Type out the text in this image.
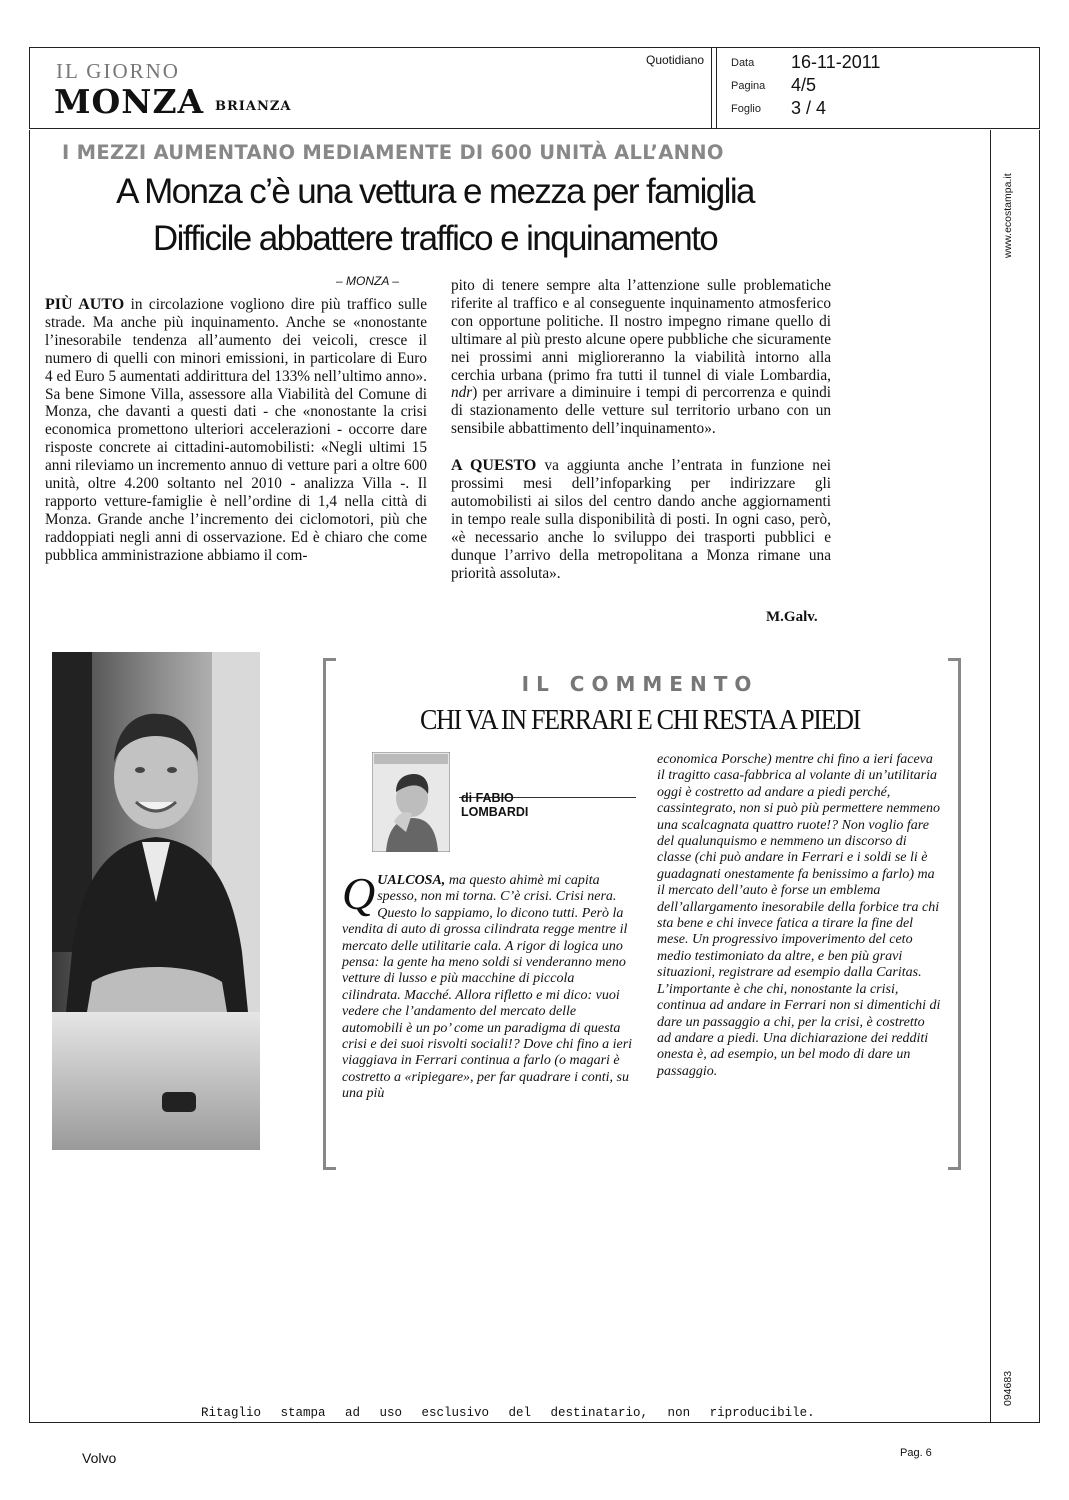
IL GIORNO
MONZA BRIANZA
Quotidiano Data	16-11-2011
Pagina	4/5
Foglio	3 / 4
I MEZZI AUMENTANO MEDIAMENTE DI 600 UNITÀ ALL’ANNO
A Monza c’è una vettura e mezza per famiglia
Difficile abbattere traffico e inquinamento
– MONZA –

PIÙ AUTO in circolazione vogliono dire più traffico sulle strade. Ma anche più inquinamento. Anche se «nonostante l’inesorabile tendenza all’aumento dei veicoli, cresce il numero di quelli con minori emissioni, in particolare di Euro 4 ed Euro 5 aumentati addirittura del 133% nell’ultimo anno». Sa bene Simone Villa, assessore alla Viabilità del Comune di Monza, che davanti a questi dati - che «nonostante la crisi economica promettono ulteriori accelerazioni - occorre dare risposte concrete ai cittadini-automobilisti: «Negli ultimi 15 anni rileviamo un incremento annuo di vetture pari a oltre 600 unità, oltre 4.200 soltanto nel 2010 - analizza Villa -. Il rapporto vetture-famiglie è nell’ordine di 1,4 nella città di Monza. Grande anche l’incremento dei ciclomotori, più che raddoppiati negli anni di osservazione. Ed è chiaro che come pubblica amministrazione abbiamo il com-

pito di tenere sempre alta l’attenzione sulle problematiche riferite al traffico e al conseguente inquinamento atmosferico con opportune politiche. Il nostro impegno rimane quello di ultimare al più presto alcune opere pubbliche che sicuramente nei prossimi anni miglioreranno la viabilità intorno alla cerchia urbana (primo fra tutti il tunnel di viale Lombardia, ndr) per arrivare a diminuire i tempi di percorrenza e quindi di stazionamento delle vetture sul territorio urbano con un sensibile abbattimento dell’inquinamento».

A QUESTO va aggiunta anche l’entrata in funzione nei prossimi mesi dell’infoparking per indirizzare gli automobilisti ai silos del centro dando anche aggiornamenti in tempo reale sulla disponibilità di posti. In ogni caso, però, «è necessario anche lo sviluppo dei trasporti pubblici e dunque l’arrivo della metropolitana a Monza rimane una priorità assoluta».

M.Galv.
IL COMMENTO
CHI VA IN FERRARI E CHI RESTA A PIEDI
di FABIO
LOMBARDI
QUALCOSA, ma questo ahimè mi capita spesso, non mi torna. C’è crisi. Crisi nera. Questo lo sappiamo, lo dicono tutti. Però la vendita di auto di grossa cilindrata regge mentre il mercato delle utilitarie cala. A rigor di logica uno pensa: la gente ha meno soldi si venderanno meno vetture di lusso e più macchine di piccola cilindrata. Macché. Allora rifletto e mi dico: vuoi vedere che l’andamento del mercato delle automobili è un po’ come un paradigma di questa crisi e dei suoi risvolti sociali!? Dove chi fino a ieri viaggiava in Ferrari continua a farlo (o magari è costretto a «ripiegare», per far quadrare i conti, su una più
economica Porsche) mentre chi fino a ieri faceva il tragitto casa-fabbrica al volante di un’utilitaria oggi è costretto ad andare a piedi perché, cassintegrato, non si può più permettere nemmeno una scalcagnata quattro ruote!? Non voglio fare del qualunquismo e nemmeno un discorso di classe (chi può andare in Ferrari e i soldi se li è guadagnati onestamente fa benissimo a farlo) ma il mercato dell’auto è forse un emblema dell’allargamento inesorabile della forbice tra chi sta bene e chi invece fatica a tirare la fine del mese. Un progressivo impoverimento del ceto medio testimoniato da altre, e ben più gravi situazioni, registrare ad esempio dalla Caritas. L’importante è che chi, nonostante la crisi, continua ad andare in Ferrari non si dimentichi di dare un passaggio a chi, per la crisi, è costretto ad andare a piedi. Una dichiarazione dei redditi onesta è, ad esempio, un bel modo di dare un passaggio.
Ritaglio stampa ad uso esclusivo del destinatario, non riproducibile.
www.ecostampa.it
094683
Volvo	Pag. 6
